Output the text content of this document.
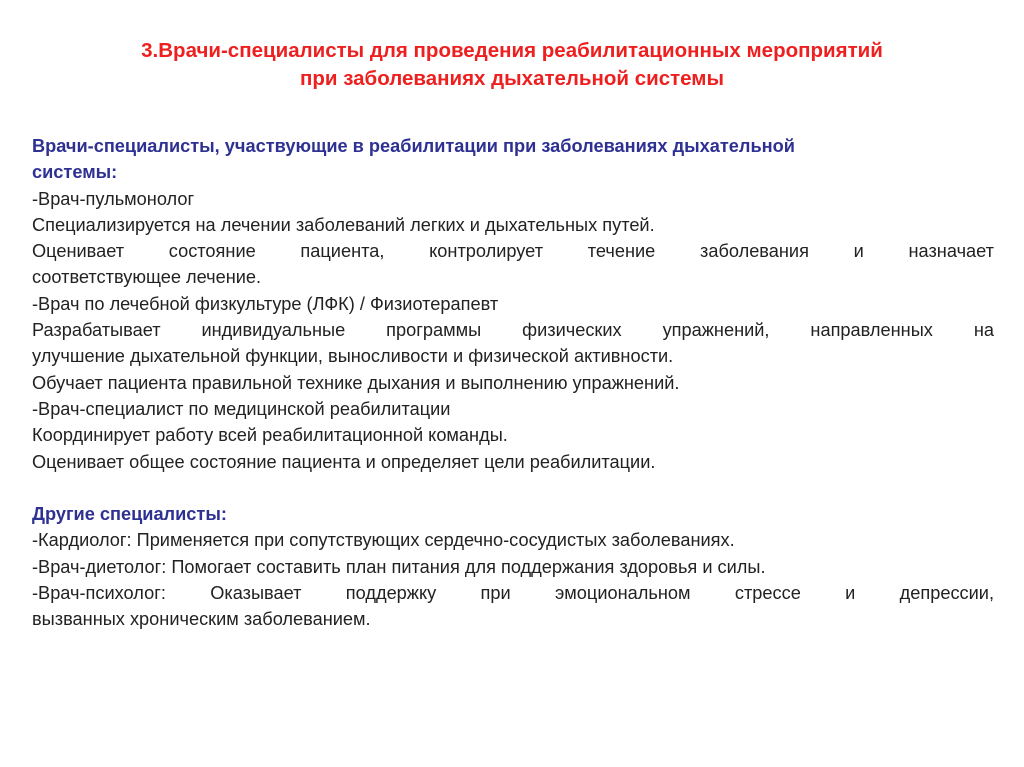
3.Врачи-специалисты для проведения реабилитационных мероприятий
при заболеваниях дыхательной системы
Врачи-специалисты, участвующие в реабилитации при заболеваниях дыхательной
системы:
-Врач-пульмонолог
Специализируется на лечении заболеваний легких и дыхательных путей.
Оценивает состояние пациента, контролирует течение заболевания и назначает
соответствующее лечение.
-Врач по лечебной физкультуре (ЛФК) / Физиотерапевт
Разрабатывает индивидуальные программы физических упражнений, направленных на
улучшение дыхательной функции, выносливости и физической активности.
Обучает пациента правильной технике дыхания и выполнению упражнений.
-Врач-специалист по медицинской реабилитации
Координирует работу всей реабилитационной команды.
Оценивает общее состояние пациента и определяет цели реабилитации.
Другие специалисты:
-Кардиолог: Применяется при сопутствующих сердечно-сосудистых заболеваниях.
-Врач-диетолог: Помогает составить план питания для поддержания здоровья и силы.
-Врач-психолог: Оказывает поддержку при эмоциональном стрессе и депрессии,
вызванных хроническим заболеванием.
